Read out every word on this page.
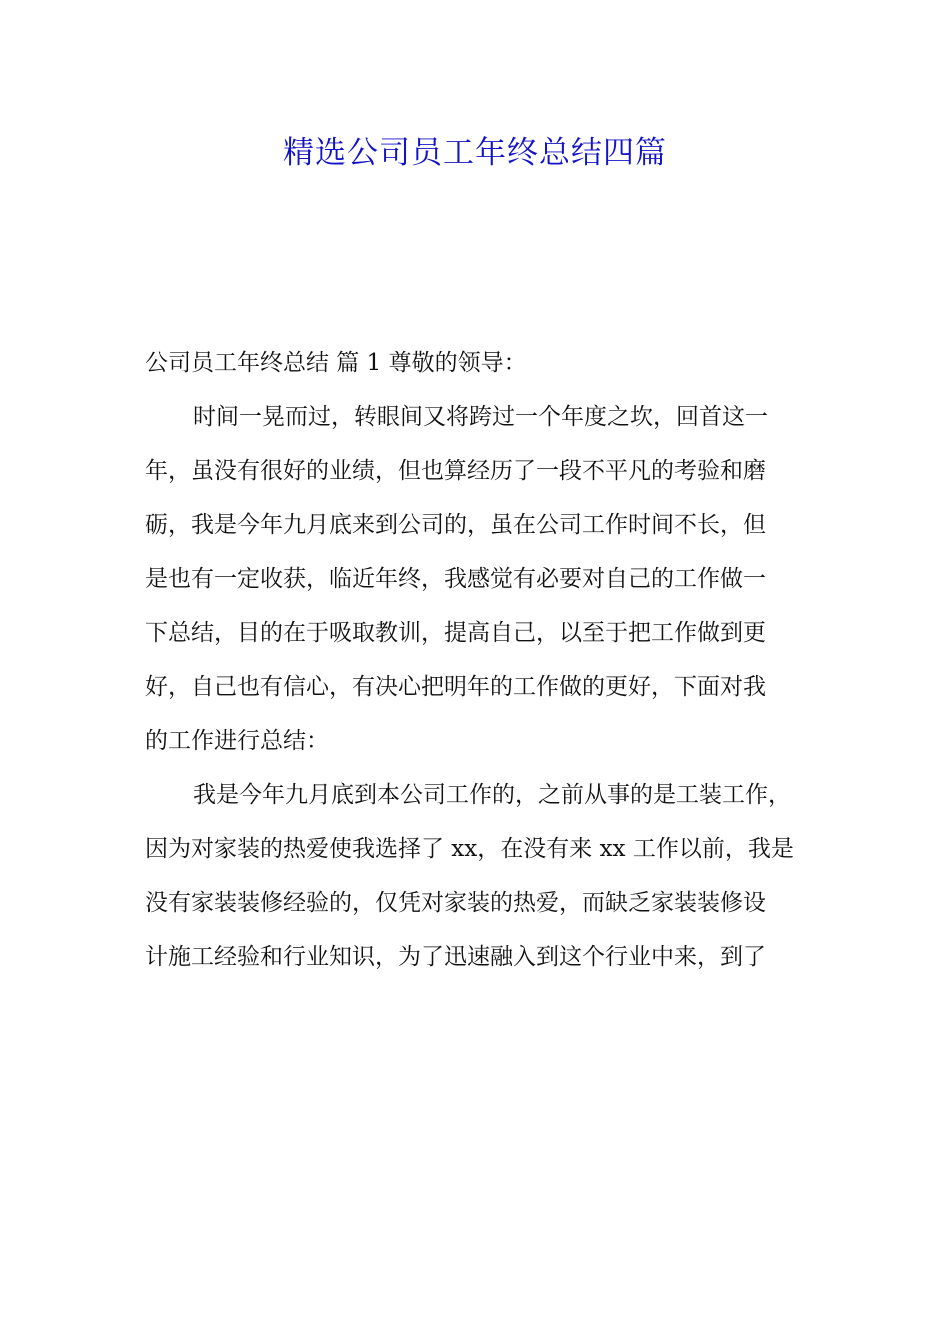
精选公司员工年终总结四篇
公司员工年终总结 篇 1 尊敬的领导：
时间一晃而过，转眼间又将跨过一个年度之坎，回首这一
年，虽没有很好的业绩，但也算经历了一段不平凡的考验和磨
砺，我是今年九月底来到公司的，虽在公司工作时间不长，但
是也有一定收获，临近年终，我感觉有必要对自己的工作做一
下总结，目的在于吸取教训，提高自己，以至于把工作做到更
好，自己也有信心，有决心把明年的工作做的更好，下面对我
的工作进行总结：
我是今年九月底到本公司工作的，之前从事的是工装工作，
因为对家装的热爱使我选择了 xx，在没有来 xx 工作以前，我是
没有家装装修经验的，仅凭对家装的热爱，而缺乏家装装修设
计施工经验和行业知识，为了迅速融入到这个行业中来，到了
